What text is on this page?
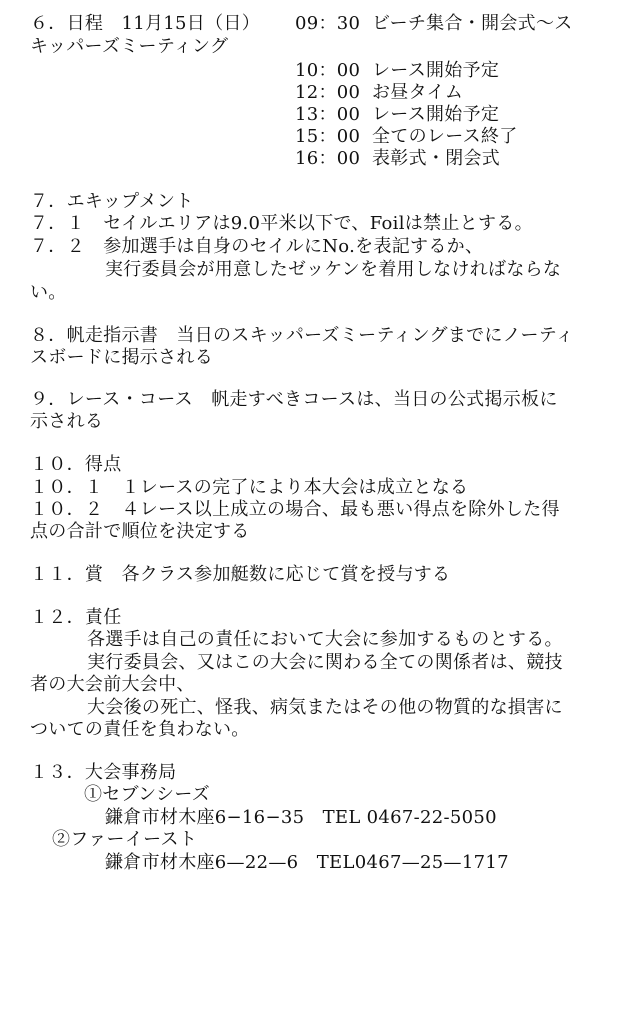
６．日程　11月15日（日） 09：30 ビーチ集合・開会式〜ス
キッパーズミーティング
10：00 レース開始予定
12：00 お昼タイム
13：00 レース開始予定
15：00 全てのレース終了
16：00 表彰式・閉会式
７．エキップメント
７．１　セイルエリアは9.0平米以下で、Foilは禁止とする。
７．２　参加選手は自身のセイルにNo.を表記するか、
実行委員会が用意したゼッケンを着用しなければならな
い。
８．帆走指示書　当日のスキッパーズミーティングまでにノーティ
スボードに掲示される
９．レース・コース　帆走すべきコースは、当日の公式掲示板に
示される
１０．得点
１０．１　１レースの完了により本大会は成立となる
１０．２　４レース以上成立の場合、最も悪い得点を除外した得
点の合計で順位を決定する
１１．賞　各クラス参加艇数に応じて賞を授与する
１２．責任
各選手は自己の責任において大会に参加するものとする。
実行委員会、又はこの大会に関わる全ての関係者は、競技
者の大会前大会中、
大会後の死亡、怪我、病気またはその他の物質的な損害に
ついての責任を負わない。
１３．大会事務局
①セブンシーズ
鎌倉市材木座6−16−35　TEL 0467-22-5050
②ファーイースト
鎌倉市材木座6—22—6　TEL0467—25—1717
